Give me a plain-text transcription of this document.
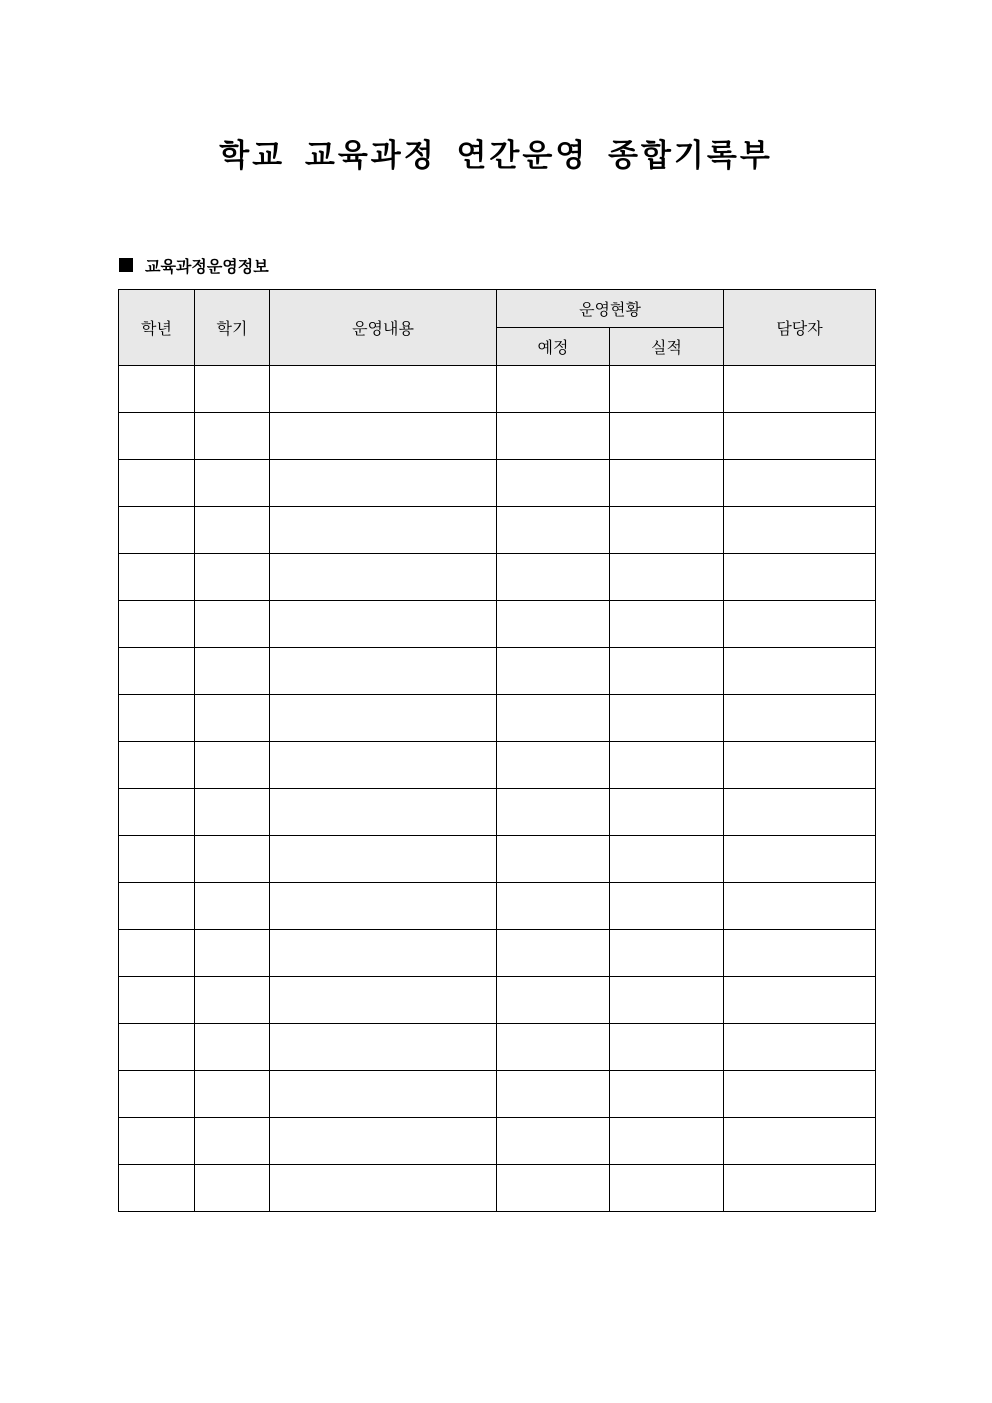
학교 교육과정 연간운영 종합기록부
교육과정운영정보
학년	학기	운영내용	운영현황		담당자
			예정	실적	
